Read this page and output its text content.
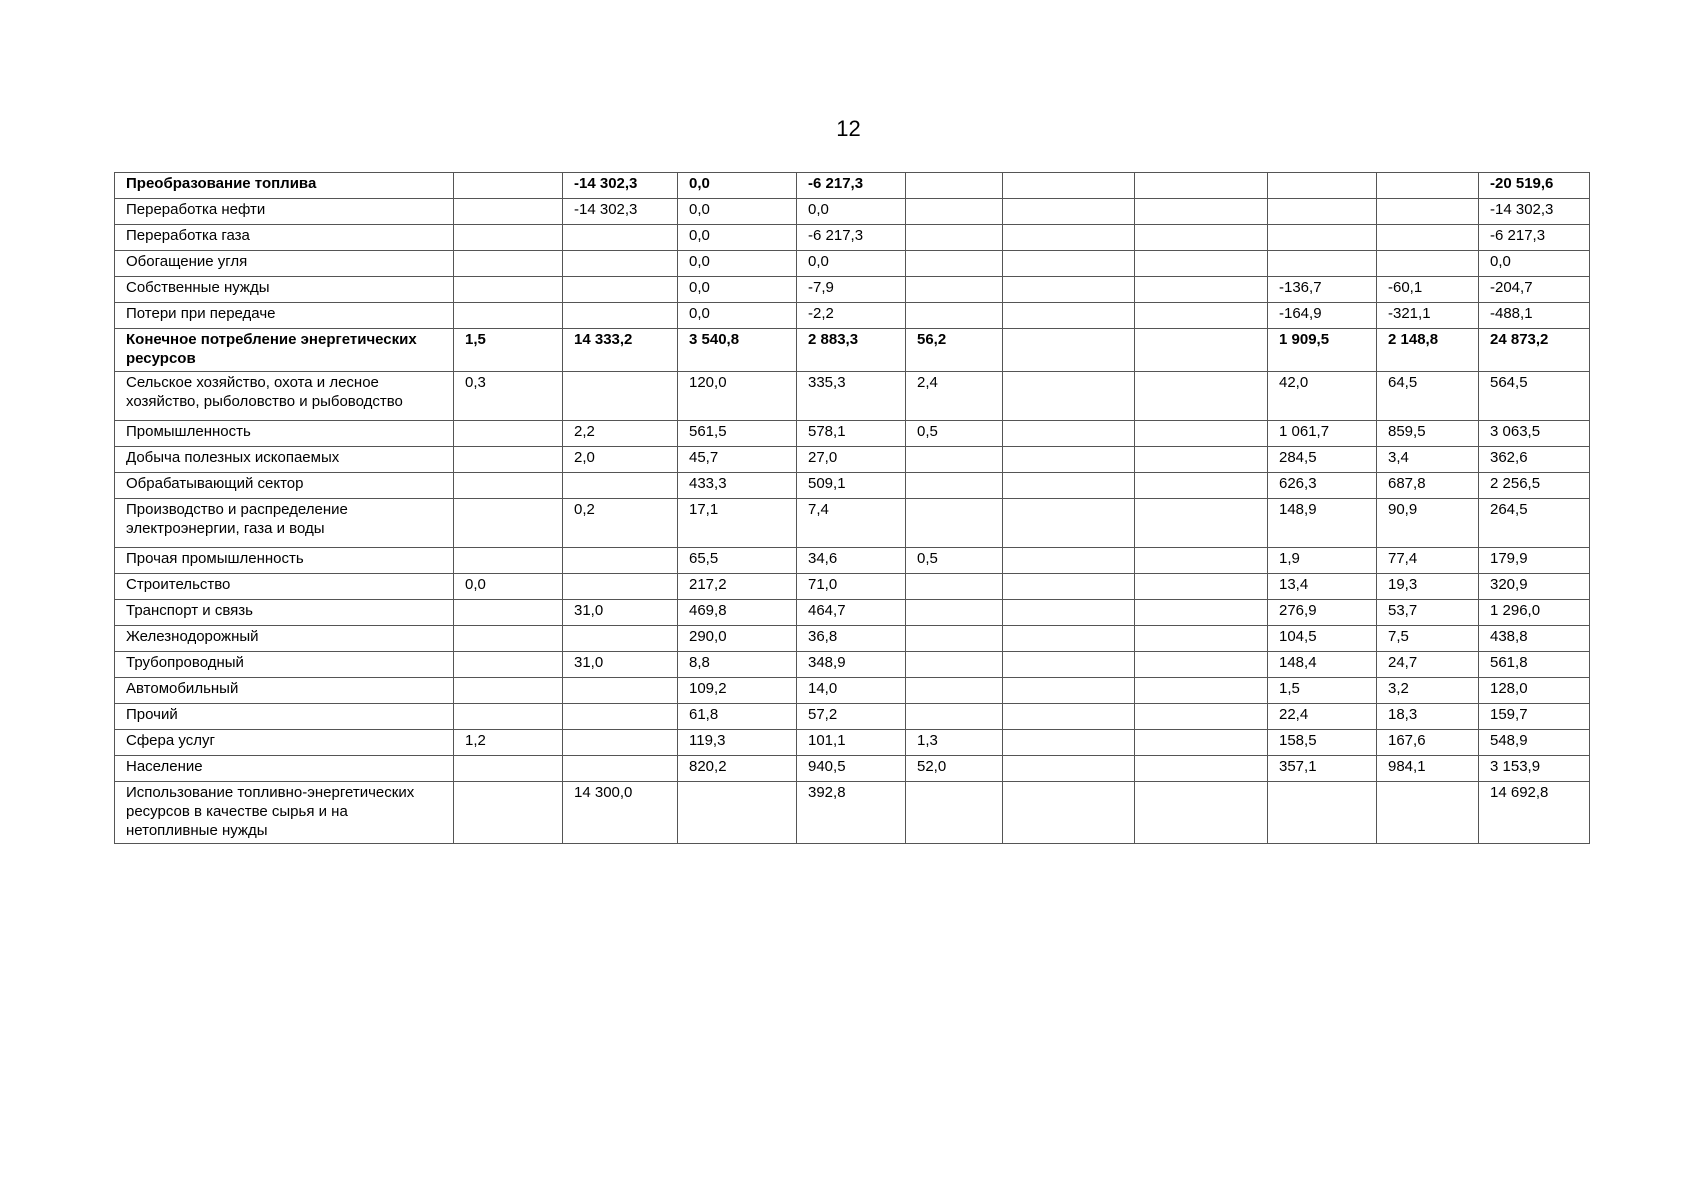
12
Преобразование топлива		-14 302,3	0,0	-6 217,3						-20 519,6
Переработка нефти		-14 302,3	0,0	0,0						-14 302,3
Переработка газа			0,0	-6 217,3						-6 217,3
Обогащение угля			0,0	0,0						0,0
Собственные нужды			0,0	-7,9				-136,7	-60,1	-204,7
Потери при передаче			0,0	-2,2				-164,9	-321,1	-488,1
Конечное потребление энергетических ресурсов	1,5	14 333,2	3 540,8	2 883,3	56,2			1 909,5	2 148,8	24 873,2
Сельское хозяйство, охота и лесное хозяйство, рыболовство и рыбоводство	0,3		120,0	335,3	2,4			42,0	64,5	564,5
Промышленность		2,2	561,5	578,1	0,5			1 061,7	859,5	3 063,5
Добыча полезных ископаемых		2,0	45,7	27,0				284,5	3,4	362,6
Обрабатывающий сектор			433,3	509,1				626,3	687,8	2 256,5
Производство и распределение электроэнергии, газа и воды		0,2	17,1	7,4				148,9	90,9	264,5
Прочая промышленность			65,5	34,6	0,5			1,9	77,4	179,9
Строительство	0,0		217,2	71,0				13,4	19,3	320,9
Транспорт и связь		31,0	469,8	464,7				276,9	53,7	1 296,0
Железнодорожный			290,0	36,8				104,5	7,5	438,8
Трубопроводный		31,0	8,8	348,9				148,4	24,7	561,8
Автомобильный			109,2	14,0				1,5	3,2	128,0
Прочий			61,8	57,2				22,4	18,3	159,7
Сфера услуг	1,2		119,3	101,1	1,3			158,5	167,6	548,9
Население			820,2	940,5	52,0			357,1	984,1	3 153,9
Использование топливно-энергетических ресурсов в качестве сырья и на нетопливные нужды		14 300,0		392,8						14 692,8
